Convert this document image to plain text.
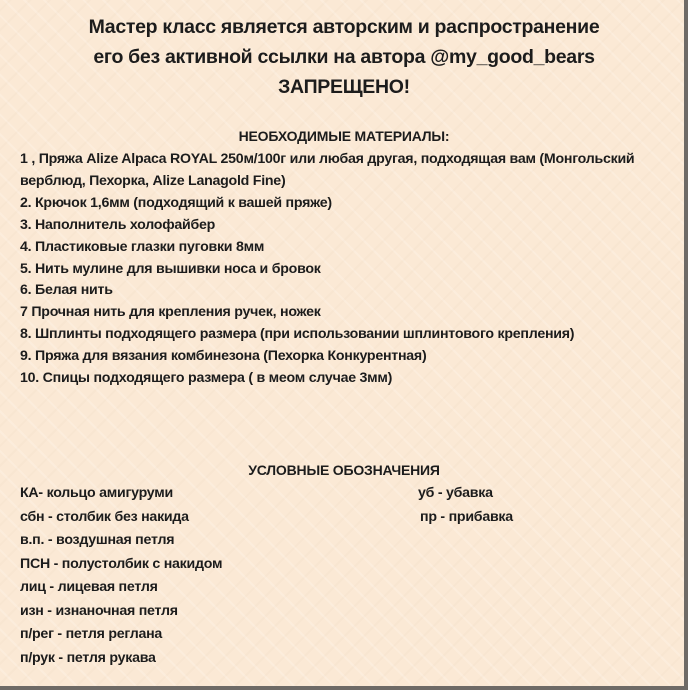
Мастер класс является авторским и распространение
его без активной ссылки на автора @my_good_bears
ЗАПРЕЩЕНО!
НЕОБХОДИМЫЕ МАТЕРИАЛЫ:
1 , Пряжа Alize Alpaca ROYAL 250м/100г или любая другая, подходящая вам (Монгольский верблюд, Пехорка, Alize Lanagold Fine)
2. Крючок 1,6мм (подходящий к вашей пряже)
3. Наполнитель холофайбер
4. Пластиковые глазки пуговки 8мм
5. Нить мулине для вышивки носа и бровок
6. Белая нить
7 Прочная нить для крепления ручек, ножек
8. Шплинты подходящего размера (при использовании шплинтового крепления)
9. Пряжа для вязания комбинезона (Пехорка Конкурентная)
10. Спицы подходящего размера ( в меом случае 3мм)
УСЛОВНЫЕ ОБОЗНАЧЕНИЯ
КА- кольцо амигуруми	уб - убавка
сбн - столбик без накида	пр - прибавка
в.п. - воздушная петля
ПСН - полустолбик с накидом
лиц - лицевая петля
изн - изнаночная петля
п/рег - петля реглана
п/рук - петля рукава
